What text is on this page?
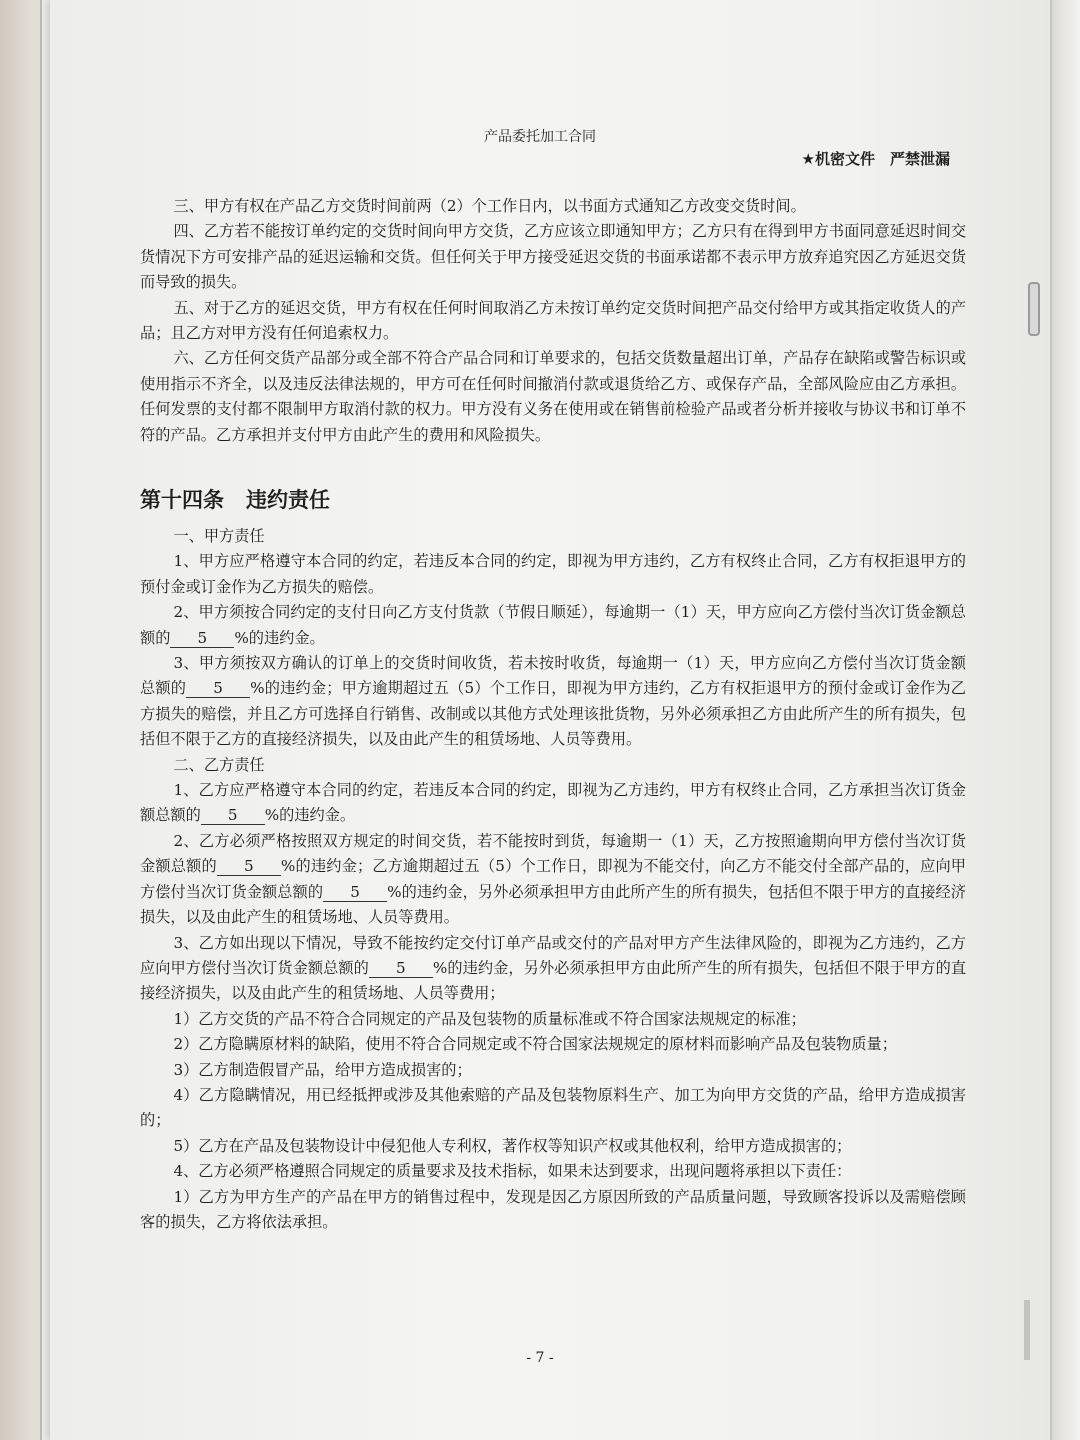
产品委托加工合同
★机密文件　严禁泄漏

三、甲方有权在产品乙方交货时间前两（2）个工作日内，以书面方式通知乙方改变交货时间。

四、乙方若不能按订单约定的交货时间向甲方交货，乙方应该立即通知甲方；乙方只有在得到甲方书面同意延迟时间交货情况下方可安排产品的延迟运输和交货。但任何关于甲方接受延迟交货的书面承诺都不表示甲方放弃追究因乙方延迟交货而导致的损失。

五、对于乙方的延迟交货，甲方有权在任何时间取消乙方未按订单约定交货时间把产品交付给甲方或其指定收货人的产品；且乙方对甲方没有任何追索权力。

六、乙方任何交货产品部分或全部不符合产品合同和订单要求的，包括交货数量超出订单，产品存在缺陷或警告标识或使用指示不齐全，以及违反法律法规的，甲方可在任何时间撤消付款或退货给乙方、或保存产品，全部风险应由乙方承担。任何发票的支付都不限制甲方取消付款的权力。甲方没有义务在使用或在销售前检验产品或者分析并接收与协议书和订单不符的产品。乙方承担并支付甲方由此产生的费用和风险损失。

第十四条 违约责任

一、甲方责任

1、甲方应严格遵守本合同的约定，若违反本合同的约定，即视为甲方违约，乙方有权终止合同，乙方有权拒退甲方的预付金或订金作为乙方损失的赔偿。

2、甲方须按合同约定的支付日向乙方支付货款（节假日顺延），每逾期一（1）天，甲方应向乙方偿付当次订货金额总额的 5 %的违约金。

3、甲方须按双方确认的订单上的交货时间收货，若未按时收货，每逾期一（1）天，甲方应向乙方偿付当次订货金额总额的 5 %的违约金；甲方逾期超过五（5）个工作日，即视为甲方违约，乙方有权拒退甲方的预付金或订金作为乙方损失的赔偿，并且乙方可选择自行销售、改制或以其他方式处理该批货物，另外必须承担乙方由此所产生的所有损失，包括但不限于乙方的直接经济损失，以及由此产生的租赁场地、人员等费用。

二、乙方责任

1、乙方应严格遵守本合同的约定，若违反本合同的约定，即视为乙方违约，甲方有权终止合同，乙方承担当次订货金额总额的 5 %的违约金。

2、乙方必须严格按照双方规定的时间交货，若不能按时到货，每逾期一（1）天，乙方按照逾期向甲方偿付当次订货金额总额的 5 %的违约金；乙方逾期超过五（5）个工作日，即视为不能交付，向乙方不能交付全部产品的，应向甲方偿付当次订货金额总额的 5 %的违约金，另外必须承担甲方由此所产生的所有损失，包括但不限于甲方的直接经济损失，以及由此产生的租赁场地、人员等费用。

3、乙方如出现以下情况，导致不能按约定交付订单产品或交付的产品对甲方产生法律风险的，即视为乙方违约，乙方应向甲方偿付当次订货金额总额的 5 %的违约金，另外必须承担甲方由此所产生的所有损失，包括但不限于甲方的直接经济损失，以及由此产生的租赁场地、人员等费用；

1）乙方交货的产品不符合合同规定的产品及包装物的质量标准或不符合国家法规规定的标准；

2）乙方隐瞒原材料的缺陷，使用不符合合同规定或不符合国家法规规定的原材料而影响产品及包装物质量；

3）乙方制造假冒产品，给甲方造成损害的；

4）乙方隐瞒情况，用已经抵押或涉及其他索赔的产品及包装物原料生产、加工为向甲方交货的产品，给甲方造成损害的；

5）乙方在产品及包装物设计中侵犯他人专利权，著作权等知识产权或其他权利，给甲方造成损害的；

4、乙方必须严格遵照合同规定的质量要求及技术指标，如果未达到要求，出现问题将承担以下责任：

1）乙方为甲方生产的产品在甲方的销售过程中，发现是因乙方原因所致的产品质量问题，导致顾客投诉以及需赔偿顾客的损失，乙方将依法承担。

- 7 -
